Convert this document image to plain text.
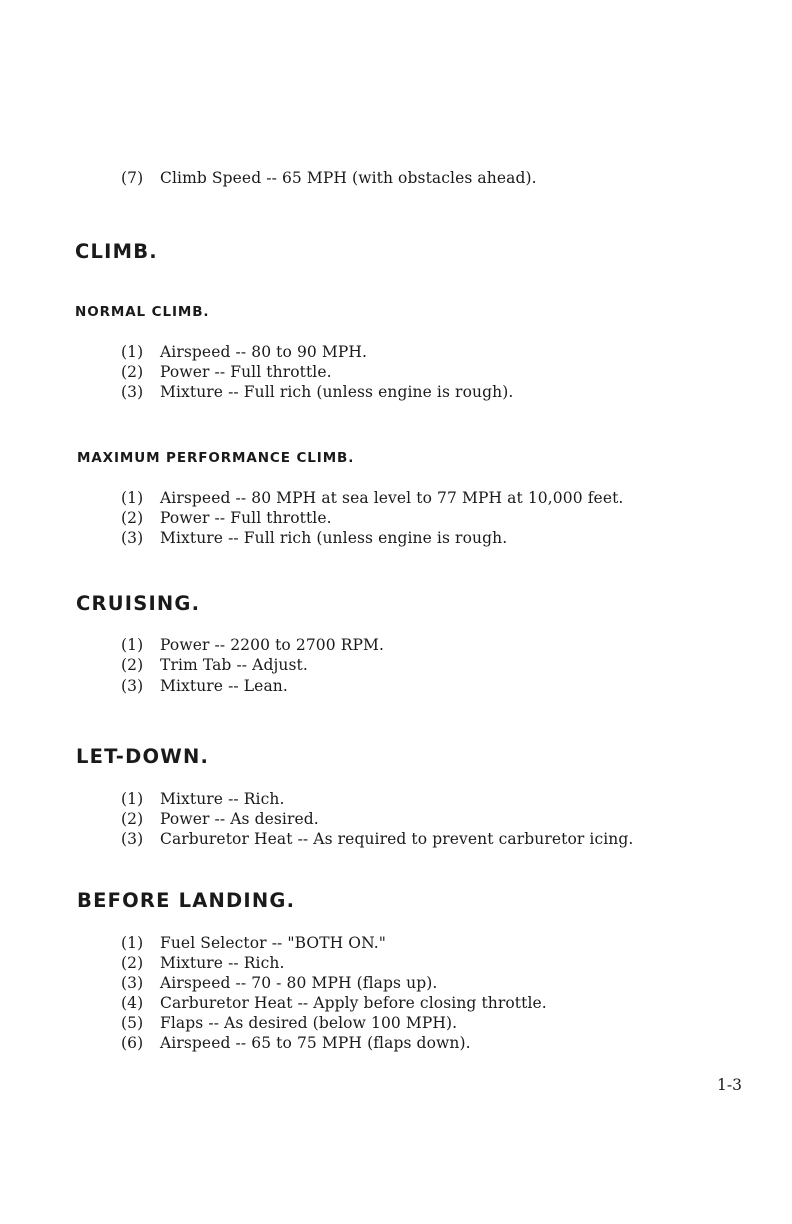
(7) Climb Speed -- 65 MPH (with obstacles ahead).
CLIMB.
NORMAL CLIMB.
(1) Airspeed -- 80 to 90 MPH.
(2) Power -- Full throttle.
(3) Mixture -- Full rich (unless engine is rough).
MAXIMUM PERFORMANCE CLIMB.
(1) Airspeed -- 80 MPH at sea level to 77 MPH at 10,000 feet.
(2) Power -- Full throttle.
(3) Mixture -- Full rich (unless engine is rough.
CRUISING.
(1) Power -- 2200 to 2700 RPM.
(2) Trim Tab -- Adjust.
(3) Mixture -- Lean.
LET-DOWN.
(1) Mixture -- Rich.
(2) Power -- As desired.
(3) Carburetor Heat -- As required to prevent carburetor icing.
BEFORE LANDING.
(1) Fuel Selector -- "BOTH ON."
(2) Mixture -- Rich.
(3) Airspeed -- 70 - 80 MPH (flaps up).
(4) Carburetor Heat -- Apply before closing throttle.
(5) Flaps -- As desired (below 100 MPH).
(6) Airspeed -- 65 to 75 MPH (flaps down).
1-3
